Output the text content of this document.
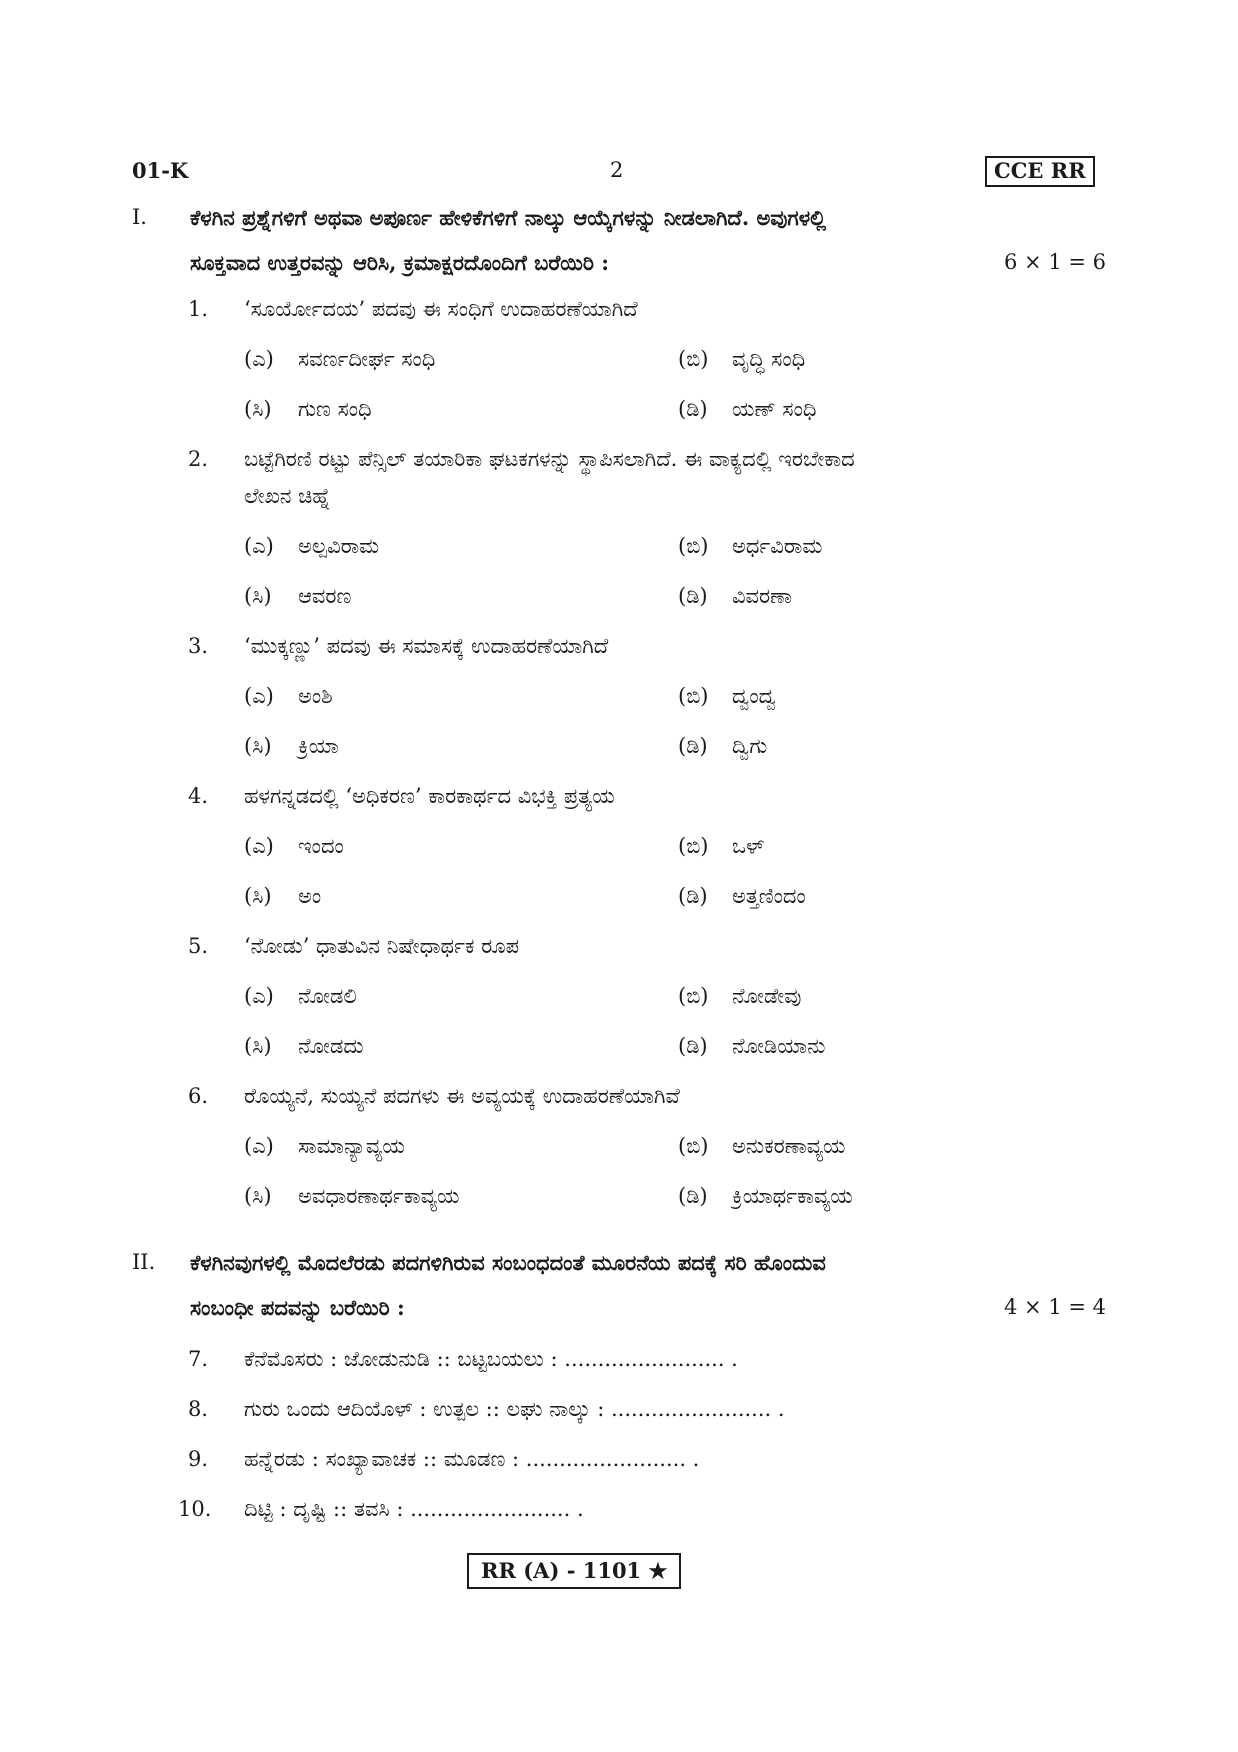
01-K	2	CCE RR
I. ಕೆಳಗಿನ ಪ್ರಶ್ನೆಗಳಿಗೆ ಅಥವಾ ಅಪೂರ್ಣ ಹೇಳಿಕೆಗಳಿಗೆ ನಾಲ್ಕು ಆಯ್ಕೆಗಳನ್ನು ನೀಡಲಾಗಿದೆ. ಅವುಗಳಲ್ಲಿ
ಸೂಕ್ತವಾದ ಉತ್ತರವನ್ನು ಆರಿಸಿ, ಕ್ರಮಾಕ್ಷರದೊಂದಿಗೆ ಬರೆಯಿರಿ :	6 × 1 = 6
1. ‘ಸೂರ್ಯೋದಯ’ ಪದವು ಈ ಸಂಧಿಗೆ ಉದಾಹರಣೆಯಾಗಿದೆ
(ಎ) ಸವರ್ಣದೀರ್ಘ ಸಂಧಿ	(ಬಿ) ವೃದ್ಧಿ ಸಂಧಿ
(ಸಿ) ಗುಣ ಸಂಧಿ	(ಡಿ) ಯಣ್ ಸಂಧಿ
2. ಬಟ್ಟೆಗಿರಣಿ ರಟ್ಟು ಪೆನ್ಸಿಲ್ ತಯಾರಿಕಾ ಘಟಕಗಳನ್ನು ಸ್ಥಾಪಿಸಲಾಗಿದೆ. ಈ ವಾಕ್ಯದಲ್ಲಿ ಇರಬೇಕಾದ
ಲೇಖನ ಚಿಹ್ನೆ
(ಎ) ಅಲ್ಪವಿರಾಮ	(ಬಿ) ಅರ್ಧವಿರಾಮ
(ಸಿ) ಆವರಣ	(ಡಿ) ವಿವರಣಾ
3. ‘ಮುಕ್ಕಣ್ಣು’ ಪದವು ಈ ಸಮಾಸಕ್ಕೆ ಉದಾಹರಣೆಯಾಗಿದೆ
(ಎ) ಅಂಶಿ	(ಬಿ) ದ್ವಂದ್ವ
(ಸಿ) ಕ್ರಿಯಾ	(ಡಿ) ದ್ವಿಗು
4. ಹಳಗನ್ನಡದಲ್ಲಿ ‘ಅಧಿಕರಣ’ ಕಾರಕಾರ್ಥದ ವಿಭಕ್ತಿ ಪ್ರತ್ಯಯ
(ಎ) ಇಂದಂ	(ಬಿ) ಒಳ್
(ಸಿ) ಅಂ	(ಡಿ) ಅತ್ತಣಿಂದಂ
5. ‘ನೋಡು’ ಧಾತುವಿನ ನಿಷೇಧಾರ್ಥಕ ರೂಪ
(ಎ) ನೋಡಲಿ	(ಬಿ) ನೋಡೇವು
(ಸಿ) ನೋಡದು	(ಡಿ) ನೋಡಿಯಾನು
6. ರೊಯ್ಯನೆ, ಸುಯ್ಯನೆ ಪದಗಳು ಈ ಅವ್ಯಯಕ್ಕೆ ಉದಾಹರಣೆಯಾಗಿವೆ
(ಎ) ಸಾಮಾನ್ಯಾವ್ಯಯ	(ಬಿ) ಅನುಕರಣಾವ್ಯಯ
(ಸಿ) ಅವಧಾರಣಾರ್ಥಕಾವ್ಯಯ	(ಡಿ) ಕ್ರಿಯಾರ್ಥಕಾವ್ಯಯ
II. ಕೆಳಗಿನವುಗಳಲ್ಲಿ ಮೊದಲೆರಡು ಪದಗಳಿಗಿರುವ ಸಂಬಂಧದಂತೆ ಮೂರನೆಯ ಪದಕ್ಕೆ ಸರಿ ಹೊಂದುವ
ಸಂಬಂಧೀ ಪದವನ್ನು ಬರೆಯಿರಿ :	4 × 1 = 4
7. ಕೆನೆಮೊಸರು : ಜೋಡುನುಡಿ :: ಬಟ್ಟಬಯಲು : ........................ .
8. ಗುರು ಒಂದು ಆದಿಯೊಳ್ : ಉತ್ಪಲ :: ಲಘು ನಾಲ್ಕು : ........................ .
9. ಹನ್ನೆರಡು : ಸಂಖ್ಯಾವಾಚಕ :: ಮೂಡಣ : ........................ .
10. ದಿಟ್ಟಿ : ದೃಷ್ಟಿ :: ತವಸಿ : ........................ .
RR (A) - 1101 ★
